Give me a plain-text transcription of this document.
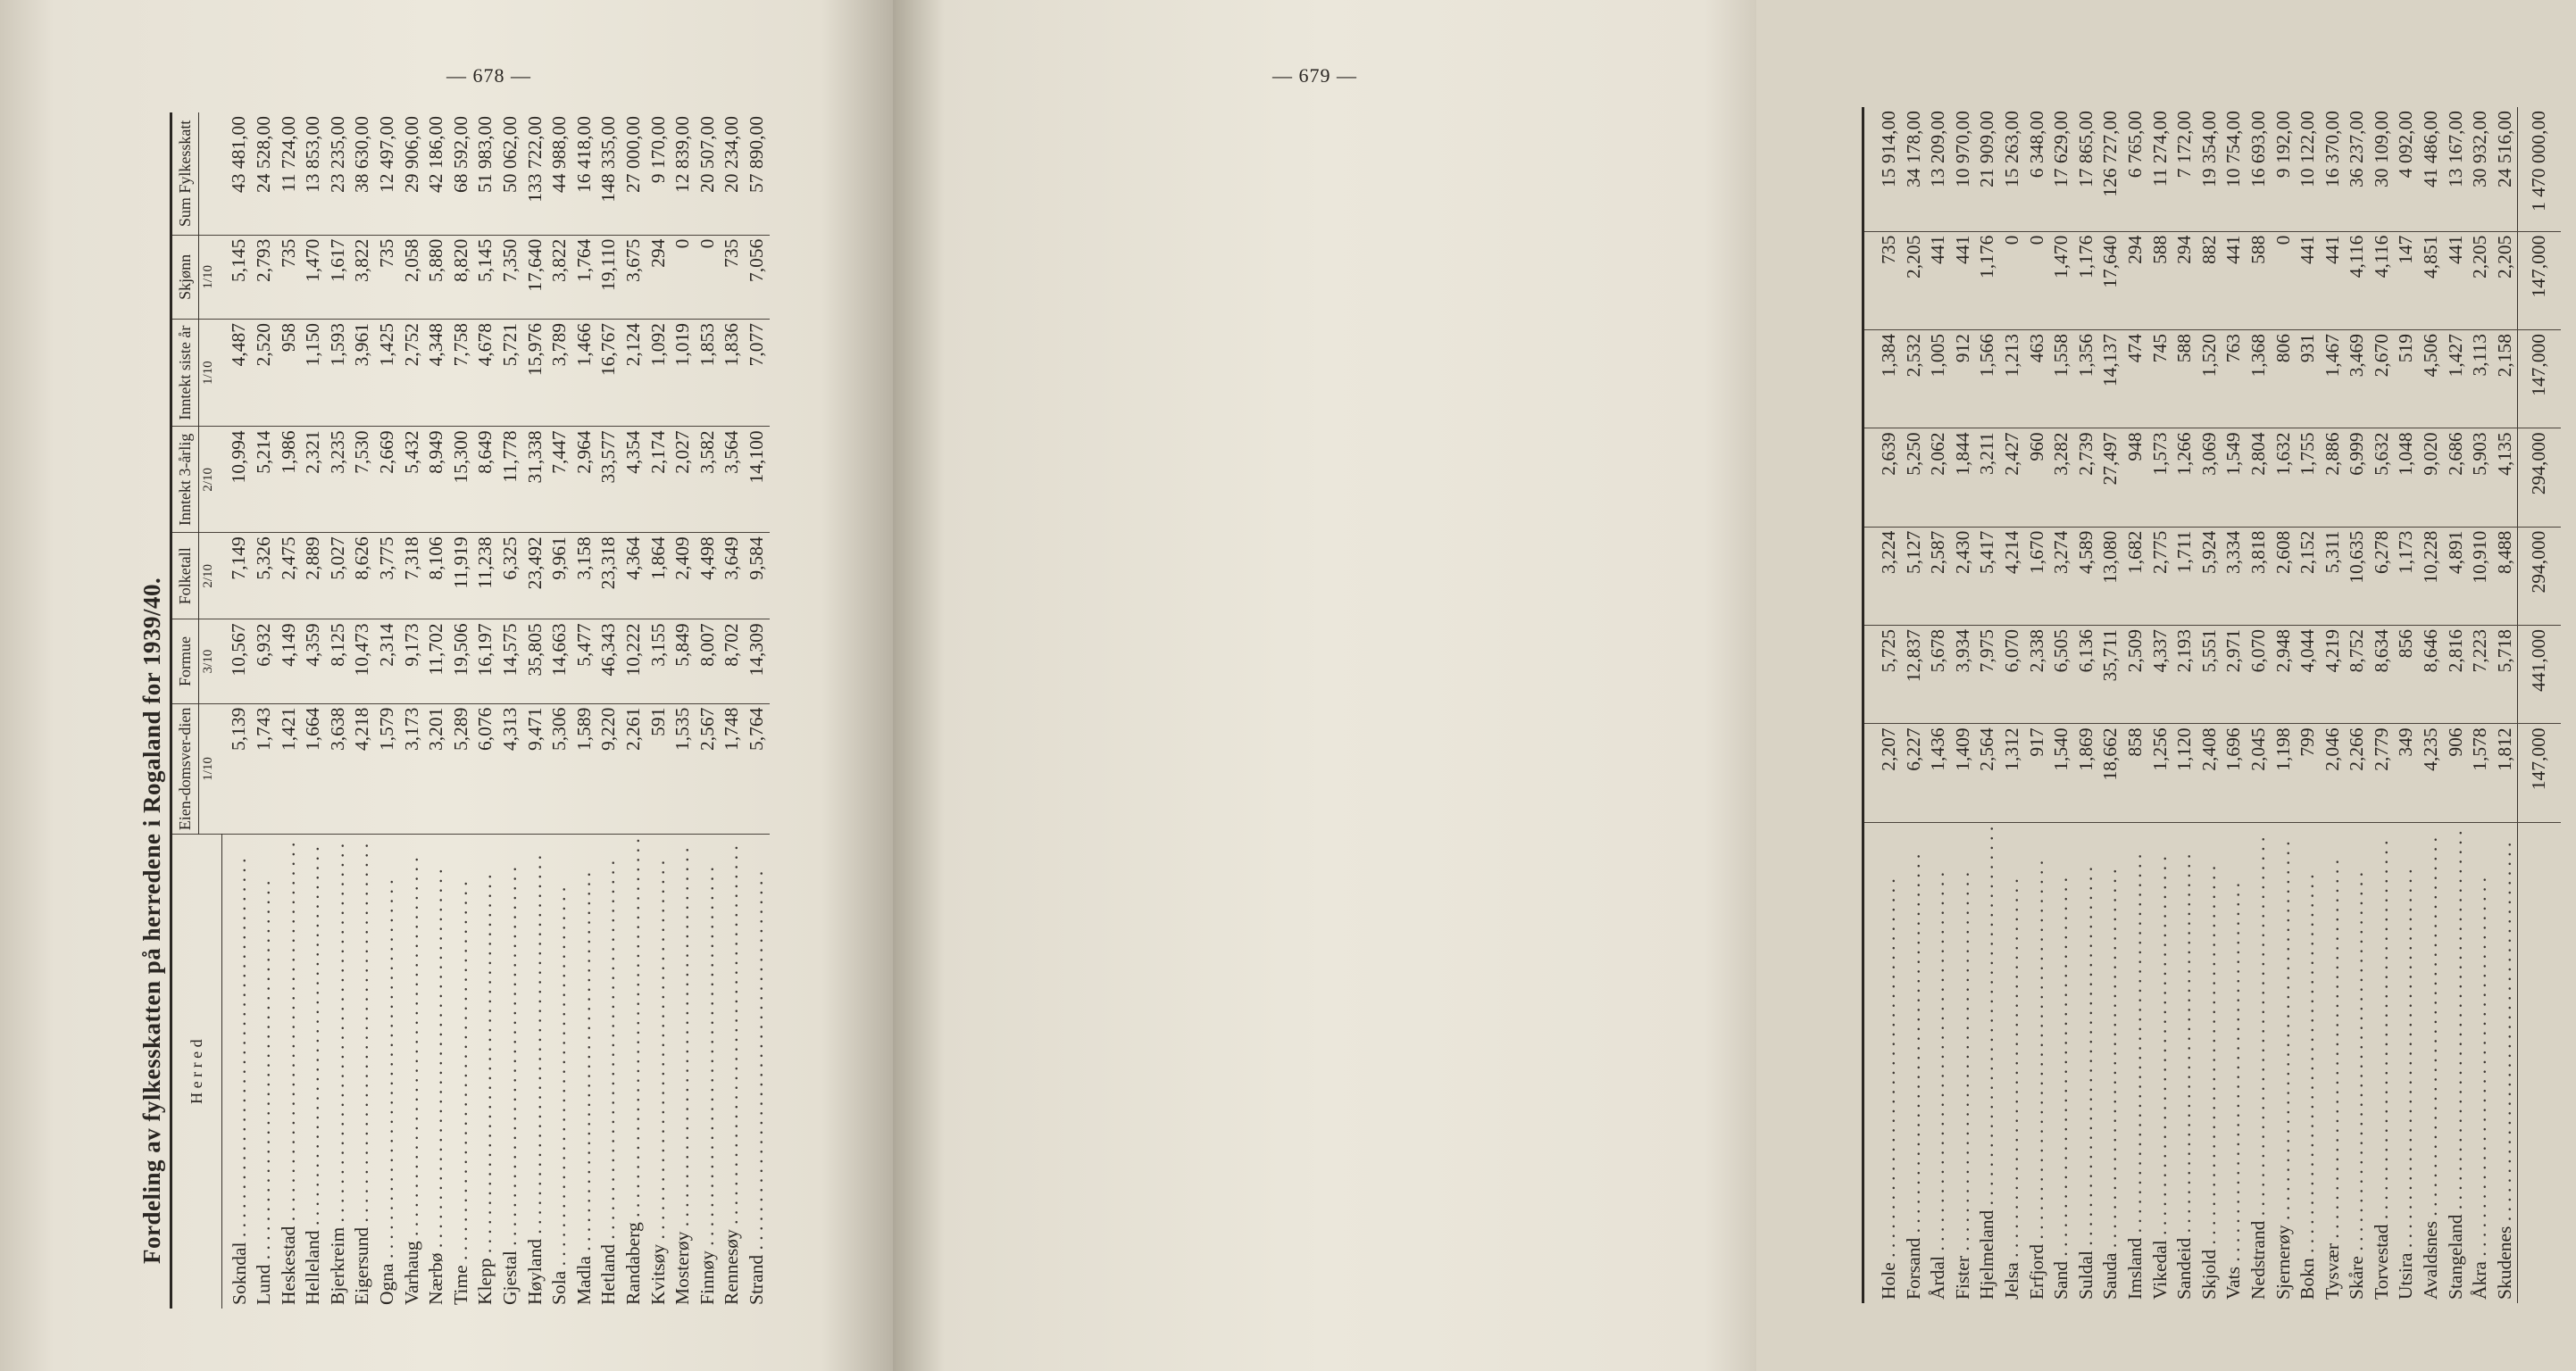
— 678 —
Fordeling av fylkesskatten på herredene i Rogaland for 1939/40. H e r r e d	Eien-domsver-dien	Formue	Folketall	Inntekt 3-årlig	Inntekt siste år	Skjønn	Sum Fylkesskatt
	1/10	3/10	2/10	2/10	1/10	1/10	
Sokndal . . . . . . . . . . . . . . . . . . . . . . . . . . . . . . . . . . . . . . . .	5,139	10,567	7,149	10,994	4,487	5,145	43 481,00
Lund . . . . . . . . . . . . . . . . . . . . . . . . . . . . . . . . . . . . . . . .	1,743	6,932	5,326	5,214	2,520	2,793	24 528,00
Heskestad . . . . . . . . . . . . . . . . . . . . . . . . . . . . . . . . . . . . . . . .	1,421	4,149	2,475	1,986	958	735	11 724,00
Helleland . . . . . . . . . . . . . . . . . . . . . . . . . . . . . . . . . . . . . . . .	1,664	4,359	2,889	2,321	1,150	1,470	13 853,00
Bjerkreim . . . . . . . . . . . . . . . . . . . . . . . . . . . . . . . . . . . . . . . .	3,638	8,125	5,027	3,235	1,593	1,617	23 235,00
Eigersund . . . . . . . . . . . . . . . . . . . . . . . . . . . . . . . . . . . . . . . .	4,218	10,473	8,626	7,530	3,961	3,822	38 630,00
Ogna . . . . . . . . . . . . . . . . . . . . . . . . . . . . . . . . . . . . . . . .	1,579	2,314	3,775	2,669	1,425	735	12 497,00
Varhaug . . . . . . . . . . . . . . . . . . . . . . . . . . . . . . . . . . . . . . . .	3,173	9,173	7,318	5,432	2,752	2,058	29 906,00
Nærbø . . . . . . . . . . . . . . . . . . . . . . . . . . . . . . . . . . . . . . . .	3,201	11,702	8,106	8,949	4,348	5,880	42 186,00
Time . . . . . . . . . . . . . . . . . . . . . . . . . . . . . . . . . . . . . . . .	5,289	19,506	11,919	15,300	7,758	8,820	68 592,00
Klepp . . . . . . . . . . . . . . . . . . . . . . . . . . . . . . . . . . . . . . . .	6,076	16,197	11,238	8,649	4,678	5,145	51 983,00
Gjestal . . . . . . . . . . . . . . . . . . . . . . . . . . . . . . . . . . . . . . . .	4,313	14,575	6,325	11,778	5,721	7,350	50 062,00
Høyland . . . . . . . . . . . . . . . . . . . . . . . . . . . . . . . . . . . . . . . .	9,471	35,805	23,492	31,338	15,976	17,640	133 722,00
Sola . . . . . . . . . . . . . . . . . . . . . . . . . . . . . . . . . . . . . . . .	5,306	14,663	9,961	7,447	3,789	3,822	44 988,00
Madla . . . . . . . . . . . . . . . . . . . . . . . . . . . . . . . . . . . . . . . .	1,589	5,477	3,158	2,964	1,466	1,764	16 418,00
Hetland . . . . . . . . . . . . . . . . . . . . . . . . . . . . . . . . . . . . . . . .	9,220	46,343	23,318	33,577	16,767	19,110	148 335,00
Randaberg . . . . . . . . . . . . . . . . . . . . . . . . . . . . . . . . . . . . . . . .	2,261	10,222	4,364	4,354	2,124	3,675	27 000,00
Kvitsøy . . . . . . . . . . . . . . . . . . . . . . . . . . . . . . . . . . . . . . . .	591	3,155	1,864	2,174	1,092	294	9 170,00
Mosterøy . . . . . . . . . . . . . . . . . . . . . . . . . . . . . . . . . . . . . . . .	1,535	5,849	2,409	2,027	1,019	0	12 839,00
Finnøy . . . . . . . . . . . . . . . . . . . . . . . . . . . . . . . . . . . . . . . .	2,567	8,007	4,498	3,582	1,853	0	20 507,00
Rennesøy . . . . . . . . . . . . . . . . . . . . . . . . . . . . . . . . . . . . . . . .	1,748	8,702	3,649	3,564	1,836	735	20 234,00
Strand . . . . . . . . . . . . . . . . . . . . . . . . . . . . . . . . . . . . . . . .	5,764	14,309	9,584	14,100	7,077	7,056	57 890,00
— 679 —
Hole . . . . . . . . . . . . . . . . . . . . . . . . . . . . . . . . . . . . . . . .	2,207	5,725	3,224	2,639	1,384	735	15 914,00
Forsand . . . . . . . . . . . . . . . . . . . . . . . . . . . . . . . . . . . . . . . .	6,227	12,837	5,127	5,250	2,532	2,205	34 178,00
Årdal . . . . . . . . . . . . . . . . . . . . . . . . . . . . . . . . . . . . . . . .	1,436	5,678	2,587	2,062	1,005	441	13 209,00
Fister . . . . . . . . . . . . . . . . . . . . . . . . . . . . . . . . . . . . . . . .	1,409	3,934	2,430	1,844	912	441	10 970,00
Hjelmeland . . . . . . . . . . . . . . . . . . . . . . . . . . . . . . . . . . . . . . . .	2,564	7,975	5,417	3,211	1,566	1,176	21 909,00
Jelsa . . . . . . . . . . . . . . . . . . . . . . . . . . . . . . . . . . . . . . . .	1,312	6,070	4,214	2,427	1,213	0	15 263,00
Erfjord . . . . . . . . . . . . . . . . . . . . . . . . . . . . . . . . . . . . . . . .	917	2,338	1,670	960	463	0	6 348,00
Sand . . . . . . . . . . . . . . . . . . . . . . . . . . . . . . . . . . . . . . . .	1,540	6,505	3,274	3,282	1,558	1,470	17 629,00
Suldal . . . . . . . . . . . . . . . . . . . . . . . . . . . . . . . . . . . . . . . .	1,869	6,136	4,589	2,739	1,356	1,176	17 865,00
Sauda . . . . . . . . . . . . . . . . . . . . . . . . . . . . . . . . . . . . . . . .	18,662	35,711	13,080	27,497	14,137	17,640	126 727,00
Imsland . . . . . . . . . . . . . . . . . . . . . . . . . . . . . . . . . . . . . . . .	858	2,509	1,682	948	474	294	6 765,00
Vikedal . . . . . . . . . . . . . . . . . . . . . . . . . . . . . . . . . . . . . . . .	1,256	4,337	2,775	1,573	745	588	11 274,00
Sandeid . . . . . . . . . . . . . . . . . . . . . . . . . . . . . . . . . . . . . . . .	1,120	2,193	1,711	1,266	588	294	7 172,00
Skjold . . . . . . . . . . . . . . . . . . . . . . . . . . . . . . . . . . . . . . . .	2,408	5,551	5,924	3,069	1,520	882	19 354,00
Vats . . . . . . . . . . . . . . . . . . . . . . . . . . . . . . . . . . . . . . . .	1,696	2,971	3,334	1,549	763	441	10 754,00
Nedstrand . . . . . . . . . . . . . . . . . . . . . . . . . . . . . . . . . . . . . . . .	2,045	6,070	3,818	2,804	1,368	588	16 693,00
Sjernerøy . . . . . . . . . . . . . . . . . . . . . . . . . . . . . . . . . . . . . . . .	1,198	2,948	2,608	1,632	806	0	9 192,00
Bokn . . . . . . . . . . . . . . . . . . . . . . . . . . . . . . . . . . . . . . . .	799	4,044	2,152	1,755	931	441	10 122,00
Tysvær . . . . . . . . . . . . . . . . . . . . . . . . . . . . . . . . . . . . . . . .	2,046	4,219	5,311	2,886	1,467	441	16 370,00
Skåre . . . . . . . . . . . . . . . . . . . . . . . . . . . . . . . . . . . . . . . .	2,266	8,752	10,635	6,999	3,469	4,116	36 237,00
Torvestad . . . . . . . . . . . . . . . . . . . . . . . . . . . . . . . . . . . . . . . .	2,779	8,634	6,278	5,632	2,670	4,116	30 109,00
Utsira . . . . . . . . . . . . . . . . . . . . . . . . . . . . . . . . . . . . . . . .	349	856	1,173	1,048	519	147	4 092,00
Avaldsnes . . . . . . . . . . . . . . . . . . . . . . . . . . . . . . . . . . . . . . . .	4,235	8,646	10,228	9,020	4,506	4,851	41 486,00
Stangeland . . . . . . . . . . . . . . . . . . . . . . . . . . . . . . . . . . . . . . . .	906	2,816	4,891	2,686	1,427	441	13 167,00
Åkra . . . . . . . . . . . . . . . . . . . . . . . . . . . . . . . . . . . . . . . .	1,578	7,223	10,910	5,903	3,113	2,205	30 932,00
Skudenes . . . . . . . . . . . . . . . . . . . . . . . . . . . . . . . . . . . . . . . .	1,812	5,718	8,488	4,135	2,158	2,205	24 516,00
	147,000	441,000	294,000	294,000	147,000	147,000	1 470 000,00
